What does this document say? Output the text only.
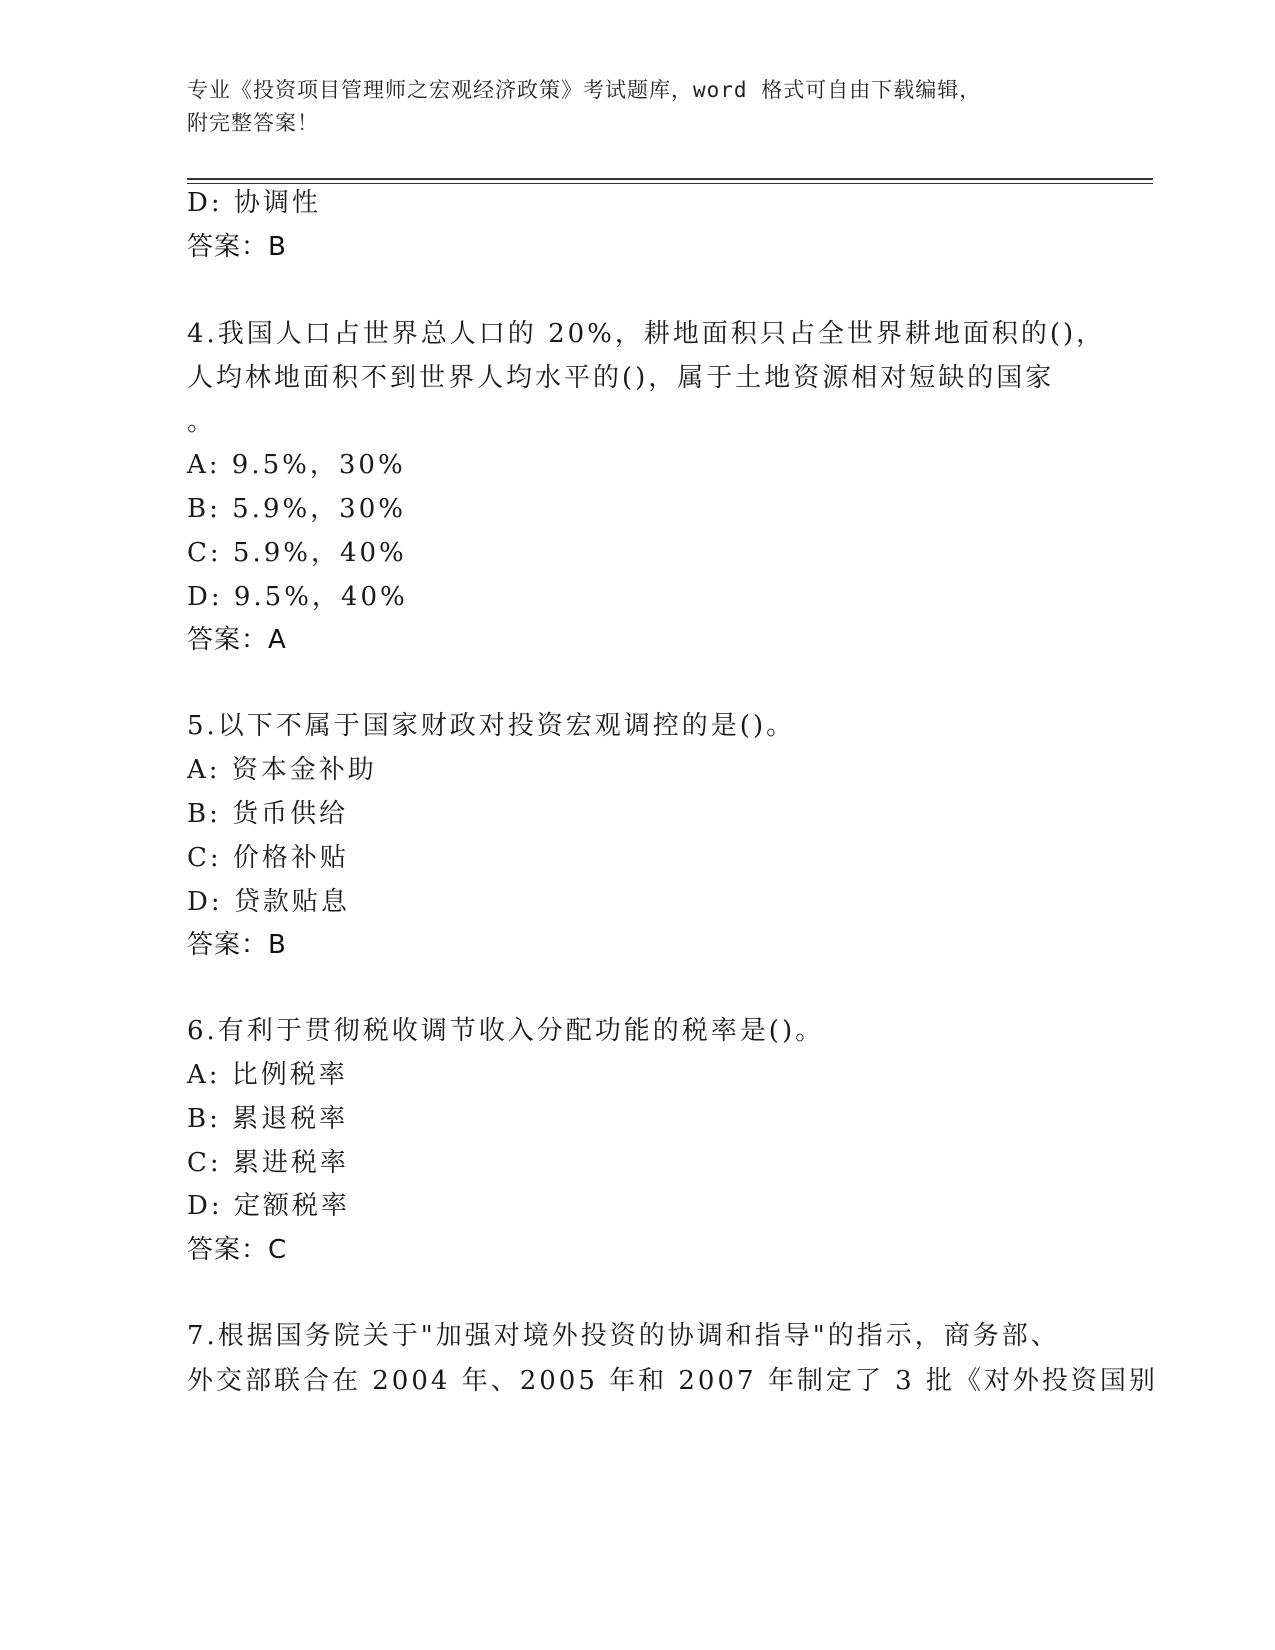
专业《投资项目管理师之宏观经济政策》考试题库，word 格式可自由下载编辑，
附完整答案！
D: 协调性
答案：B
4.我国人口占世界总人口的 20%，耕地面积只占全世界耕地面积的()，
人均林地面积不到世界人均水平的()，属于土地资源相对短缺的国家
。
A: 9.5%，30%
B: 5.9%，30%
C: 5.9%，40%
D: 9.5%，40%
答案：A
5.以下不属于国家财政对投资宏观调控的是()。
A: 资本金补助
B: 货币供给
C: 价格补贴
D: 贷款贴息
答案：B
6.有利于贯彻税收调节收入分配功能的税率是()。
A: 比例税率
B: 累退税率
C: 累进税率
D: 定额税率
答案：C
7.根据国务院关于"加强对境外投资的协调和指导"的指示，商务部、
外交部联合在 2004 年、2005 年和 2007 年制定了 3 批《对外投资国别
